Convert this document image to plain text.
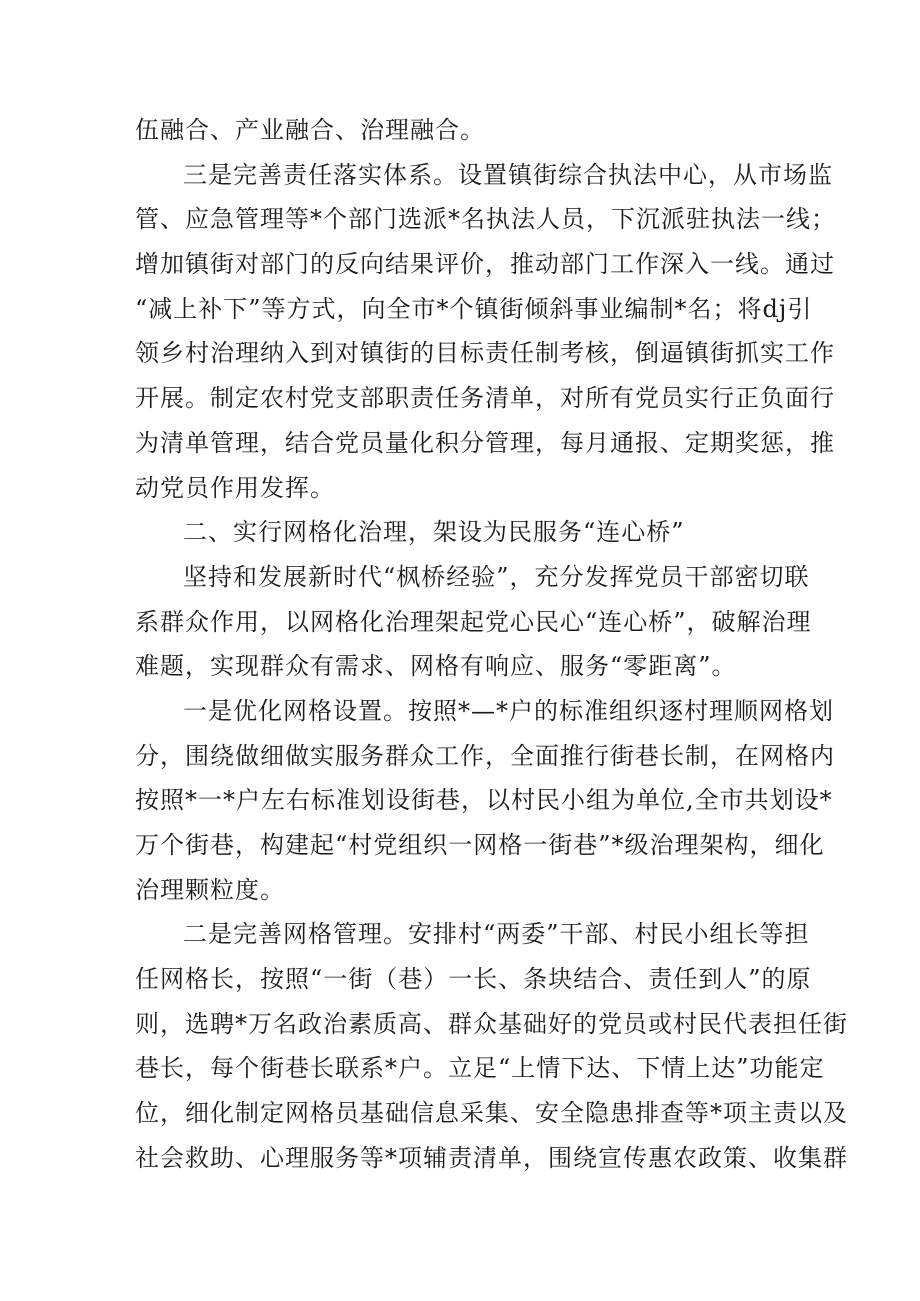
伍融合、产业融合、治理融合。
三是完善责任落实体系。设置镇街综合执法中心，从市场监
管、应急管理等*个部门选派*名执法人员，下沉派驻执法一线；
增加镇街对部门的反向结果评价，推动部门工作深入一线。通过
“减上补下”等方式，向全市*个镇街倾斜事业编制*名；将dj引
领乡村治理纳入到对镇街的目标责任制考核，倒逼镇街抓实工作
开展。制定农村党支部职责任务清单，对所有党员实行正负面行
为清单管理，结合党员量化积分管理，每月通报、定期奖惩，推
动党员作用发挥。
二、实行网格化治理，架设为民服务“连心桥”
坚持和发展新时代“枫桥经验”，充分发挥党员干部密切联
系群众作用，以网格化治理架起党心民心“连心桥”，破解治理
难题，实现群众有需求、网格有响应、服务“零距离”。
一是优化网格设置。按照*—*户的标准组织逐村理顺网格划
分，围绕做细做实服务群众工作，全面推行街巷长制，在网格内
按照*一*户左右标准划设街巷，以村民小组为单位,全市共划设*
万个街巷，构建起“村党组织一网格一街巷”*级治理架构，细化
治理颗粒度。
二是完善网格管理。安排村“两委”干部、村民小组长等担
任网格长，按照“一街（巷）一长、条块结合、责任到人”的原
则，选聘*万名政治素质高、群众基础好的党员或村民代表担任街
巷长，每个街巷长联系*户。立足“上情下达、下情上达”功能定
位，细化制定网格员基础信息采集、安全隐患排查等*项主责以及
社会救助、心理服务等*项辅责清单，围绕宣传惠农政策、收集群
